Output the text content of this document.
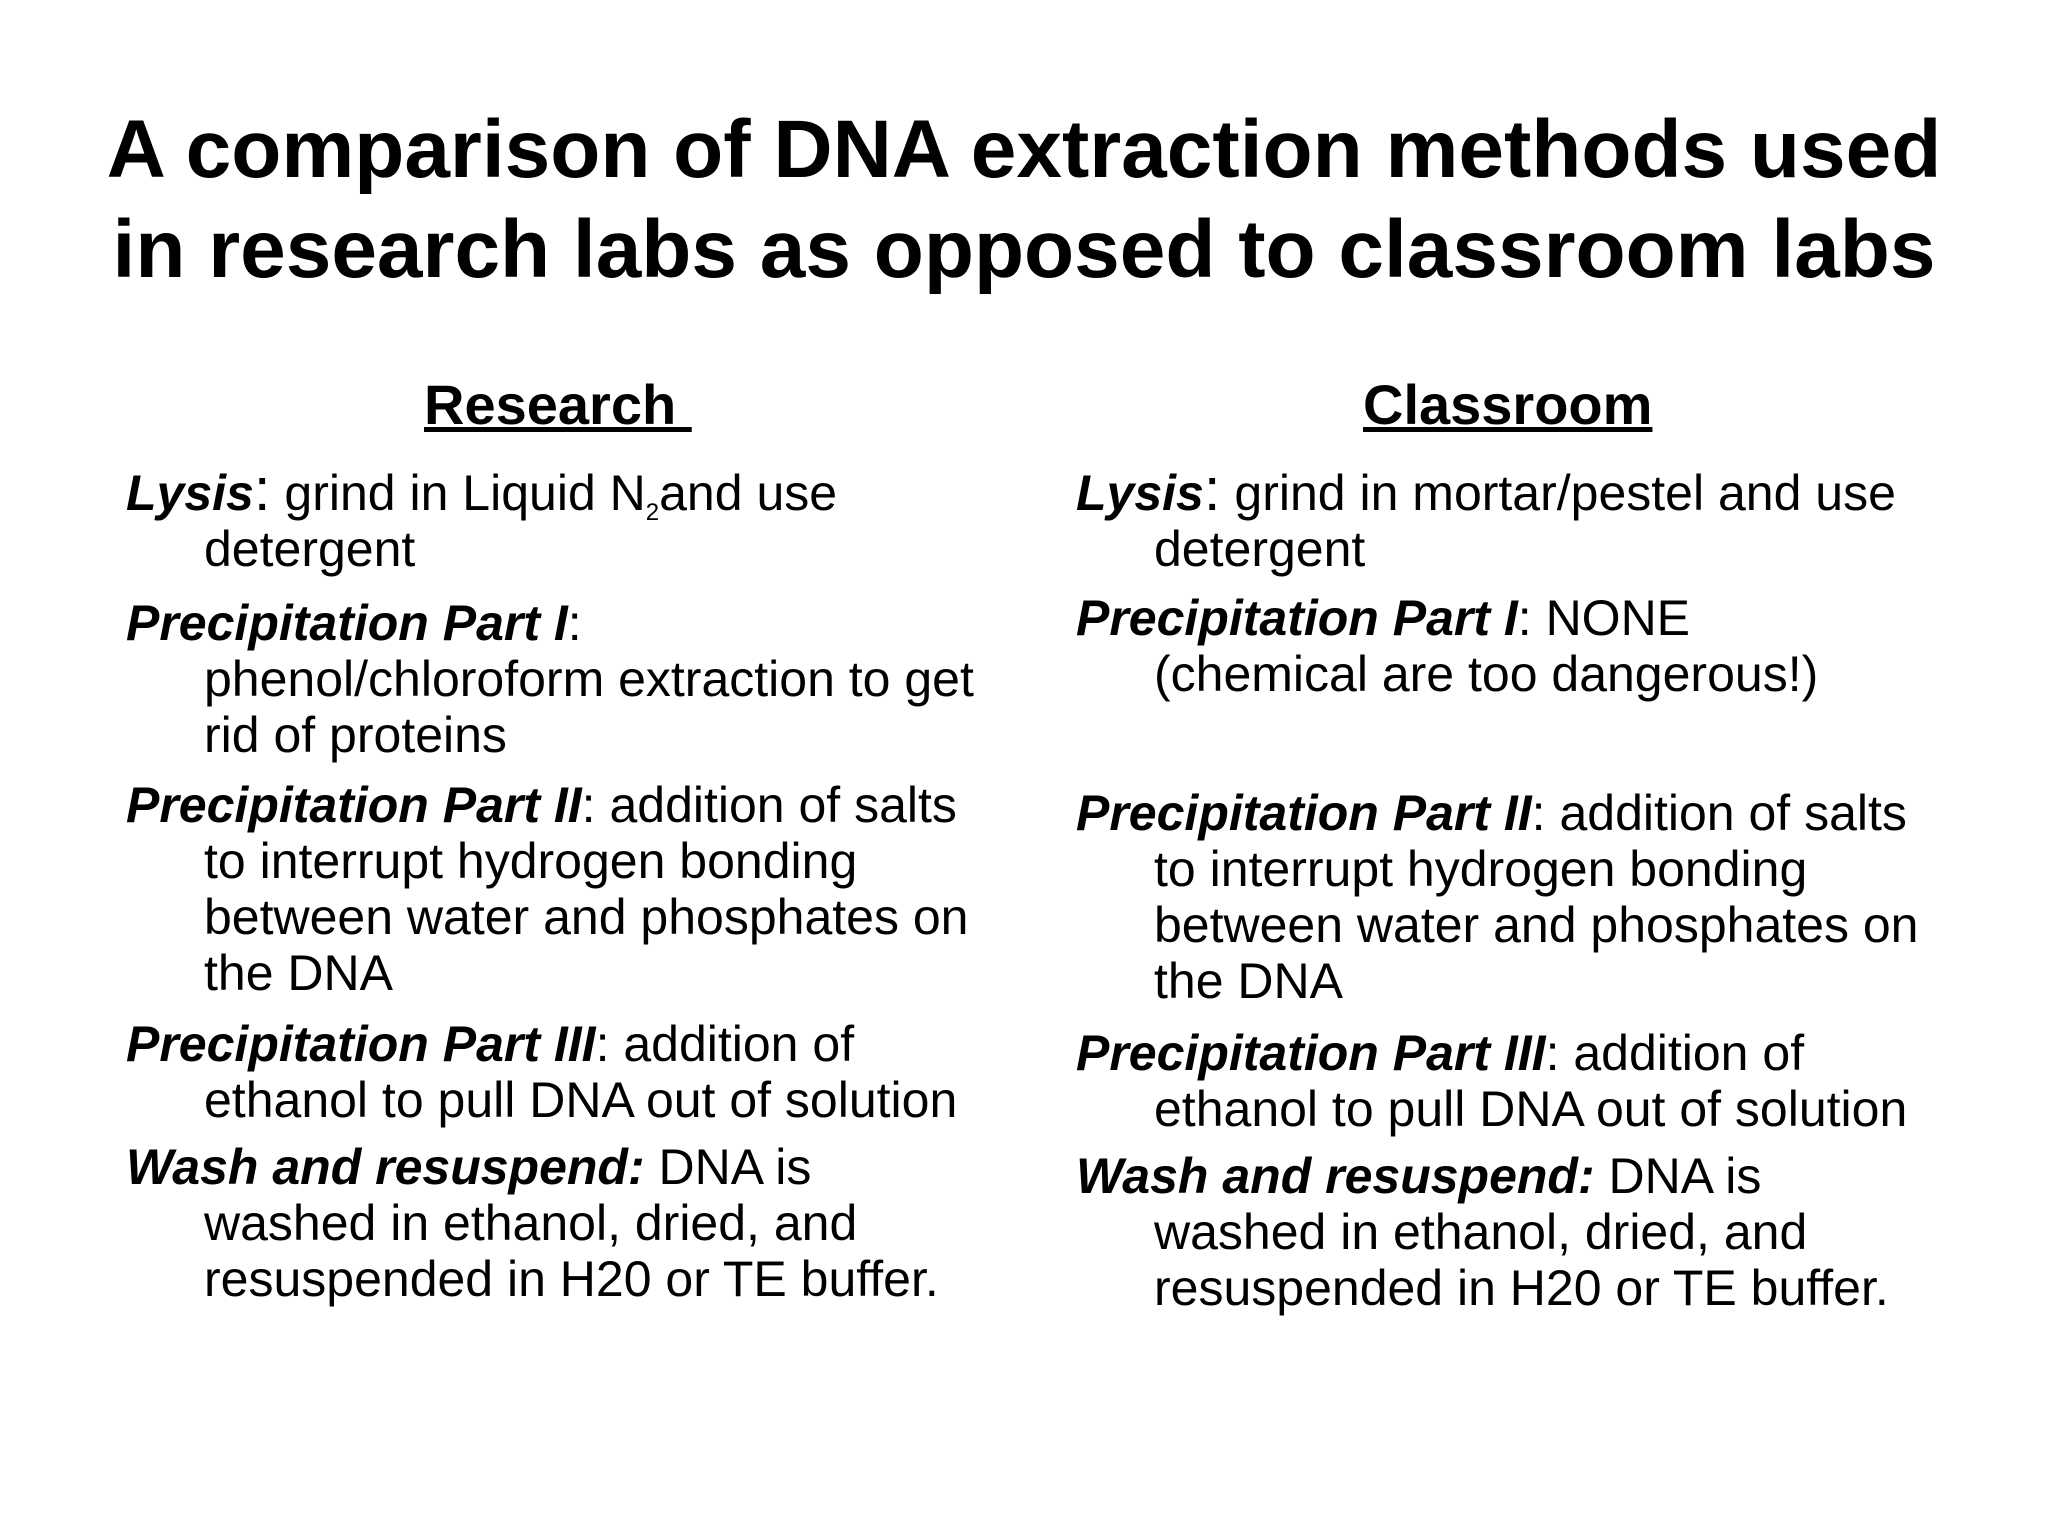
A comparison of DNA extraction methods used
in research labs as opposed to classroom labs
Research	Classroom
Lysis: grind in Liquid $N_2and$ use
detergent
Precipitation Part I:
phenol/chloroform extraction to get
rid of proteins
Precipitation Part II: addition of salts
to interrupt hydrogen bonding
between water and phosphates on
the DNA
Precipitation Part III: addition of
ethanol to pull DNA out of solution
Wash and resuspend: DNA is
washed in ethanol, dried, and
resuspended in H20 or TE buffer.
Lysis: grind in mortar/pestel and use
detergent
Precipitation Part I: NONE
(chemical are too dangerous!)
Precipitation Part II: addition of salts
to interrupt hydrogen bonding
between water and phosphates on
the DNA
Precipitation Part III: addition of
ethanol to pull DNA out of solution
Wash and resuspend: DNA is
washed in ethanol, dried, and
resuspended in H20 or TE buffer.
